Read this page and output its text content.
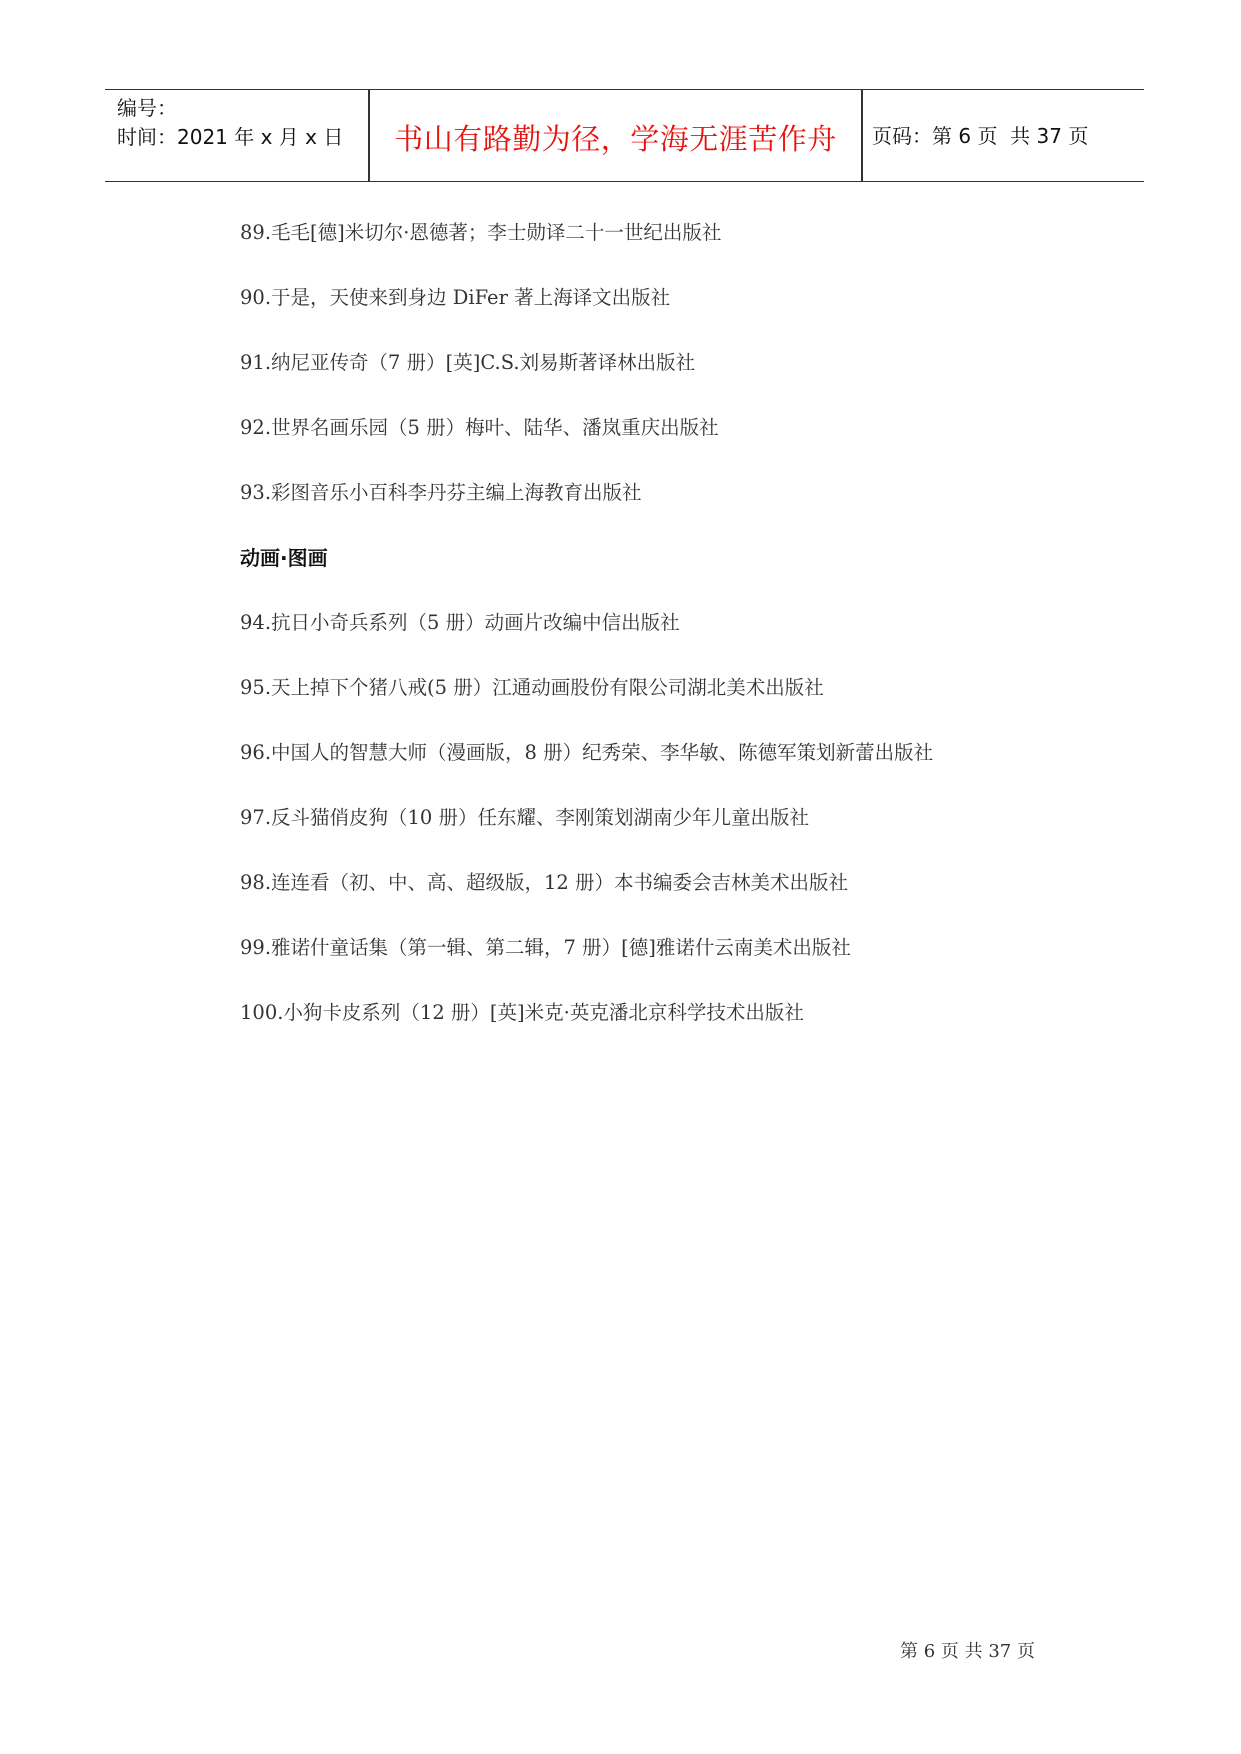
编号：
时间：2021 年 x 月 x 日	书山有路勤为径，学海无涯苦作舟	页码：第 6 页  共 37 页
89.毛毛[德]米切尔·恩德著；李士勋译二十一世纪出版社
90.于是，天使来到身边 DiFer 著上海译文出版社
91.纳尼亚传奇（7 册）[英]C.S.刘易斯著译林出版社
92.世界名画乐园（5 册）梅叶、陆华、潘岚重庆出版社
93.彩图音乐小百科李丹芬主编上海教育出版社
动画·图画
94.抗日小奇兵系列（5 册）动画片改编中信出版社
95.天上掉下个猪八戒(5 册）江通动画股份有限公司湖北美术出版社
96.中国人的智慧大师（漫画版，8 册）纪秀荣、李华敏、陈德军策划新蕾出版社
97.反斗猫俏皮狗（10 册）任东耀、李刚策划湖南少年儿童出版社
98.连连看（初、中、高、超级版，12 册）本书编委会吉林美术出版社
99.雅诺什童话集（第一辑、第二辑，7 册）[德]雅诺什云南美术出版社
100.小狗卡皮系列（12 册）[英]米克·英克潘北京科学技术出版社
第 6 页 共 37 页
